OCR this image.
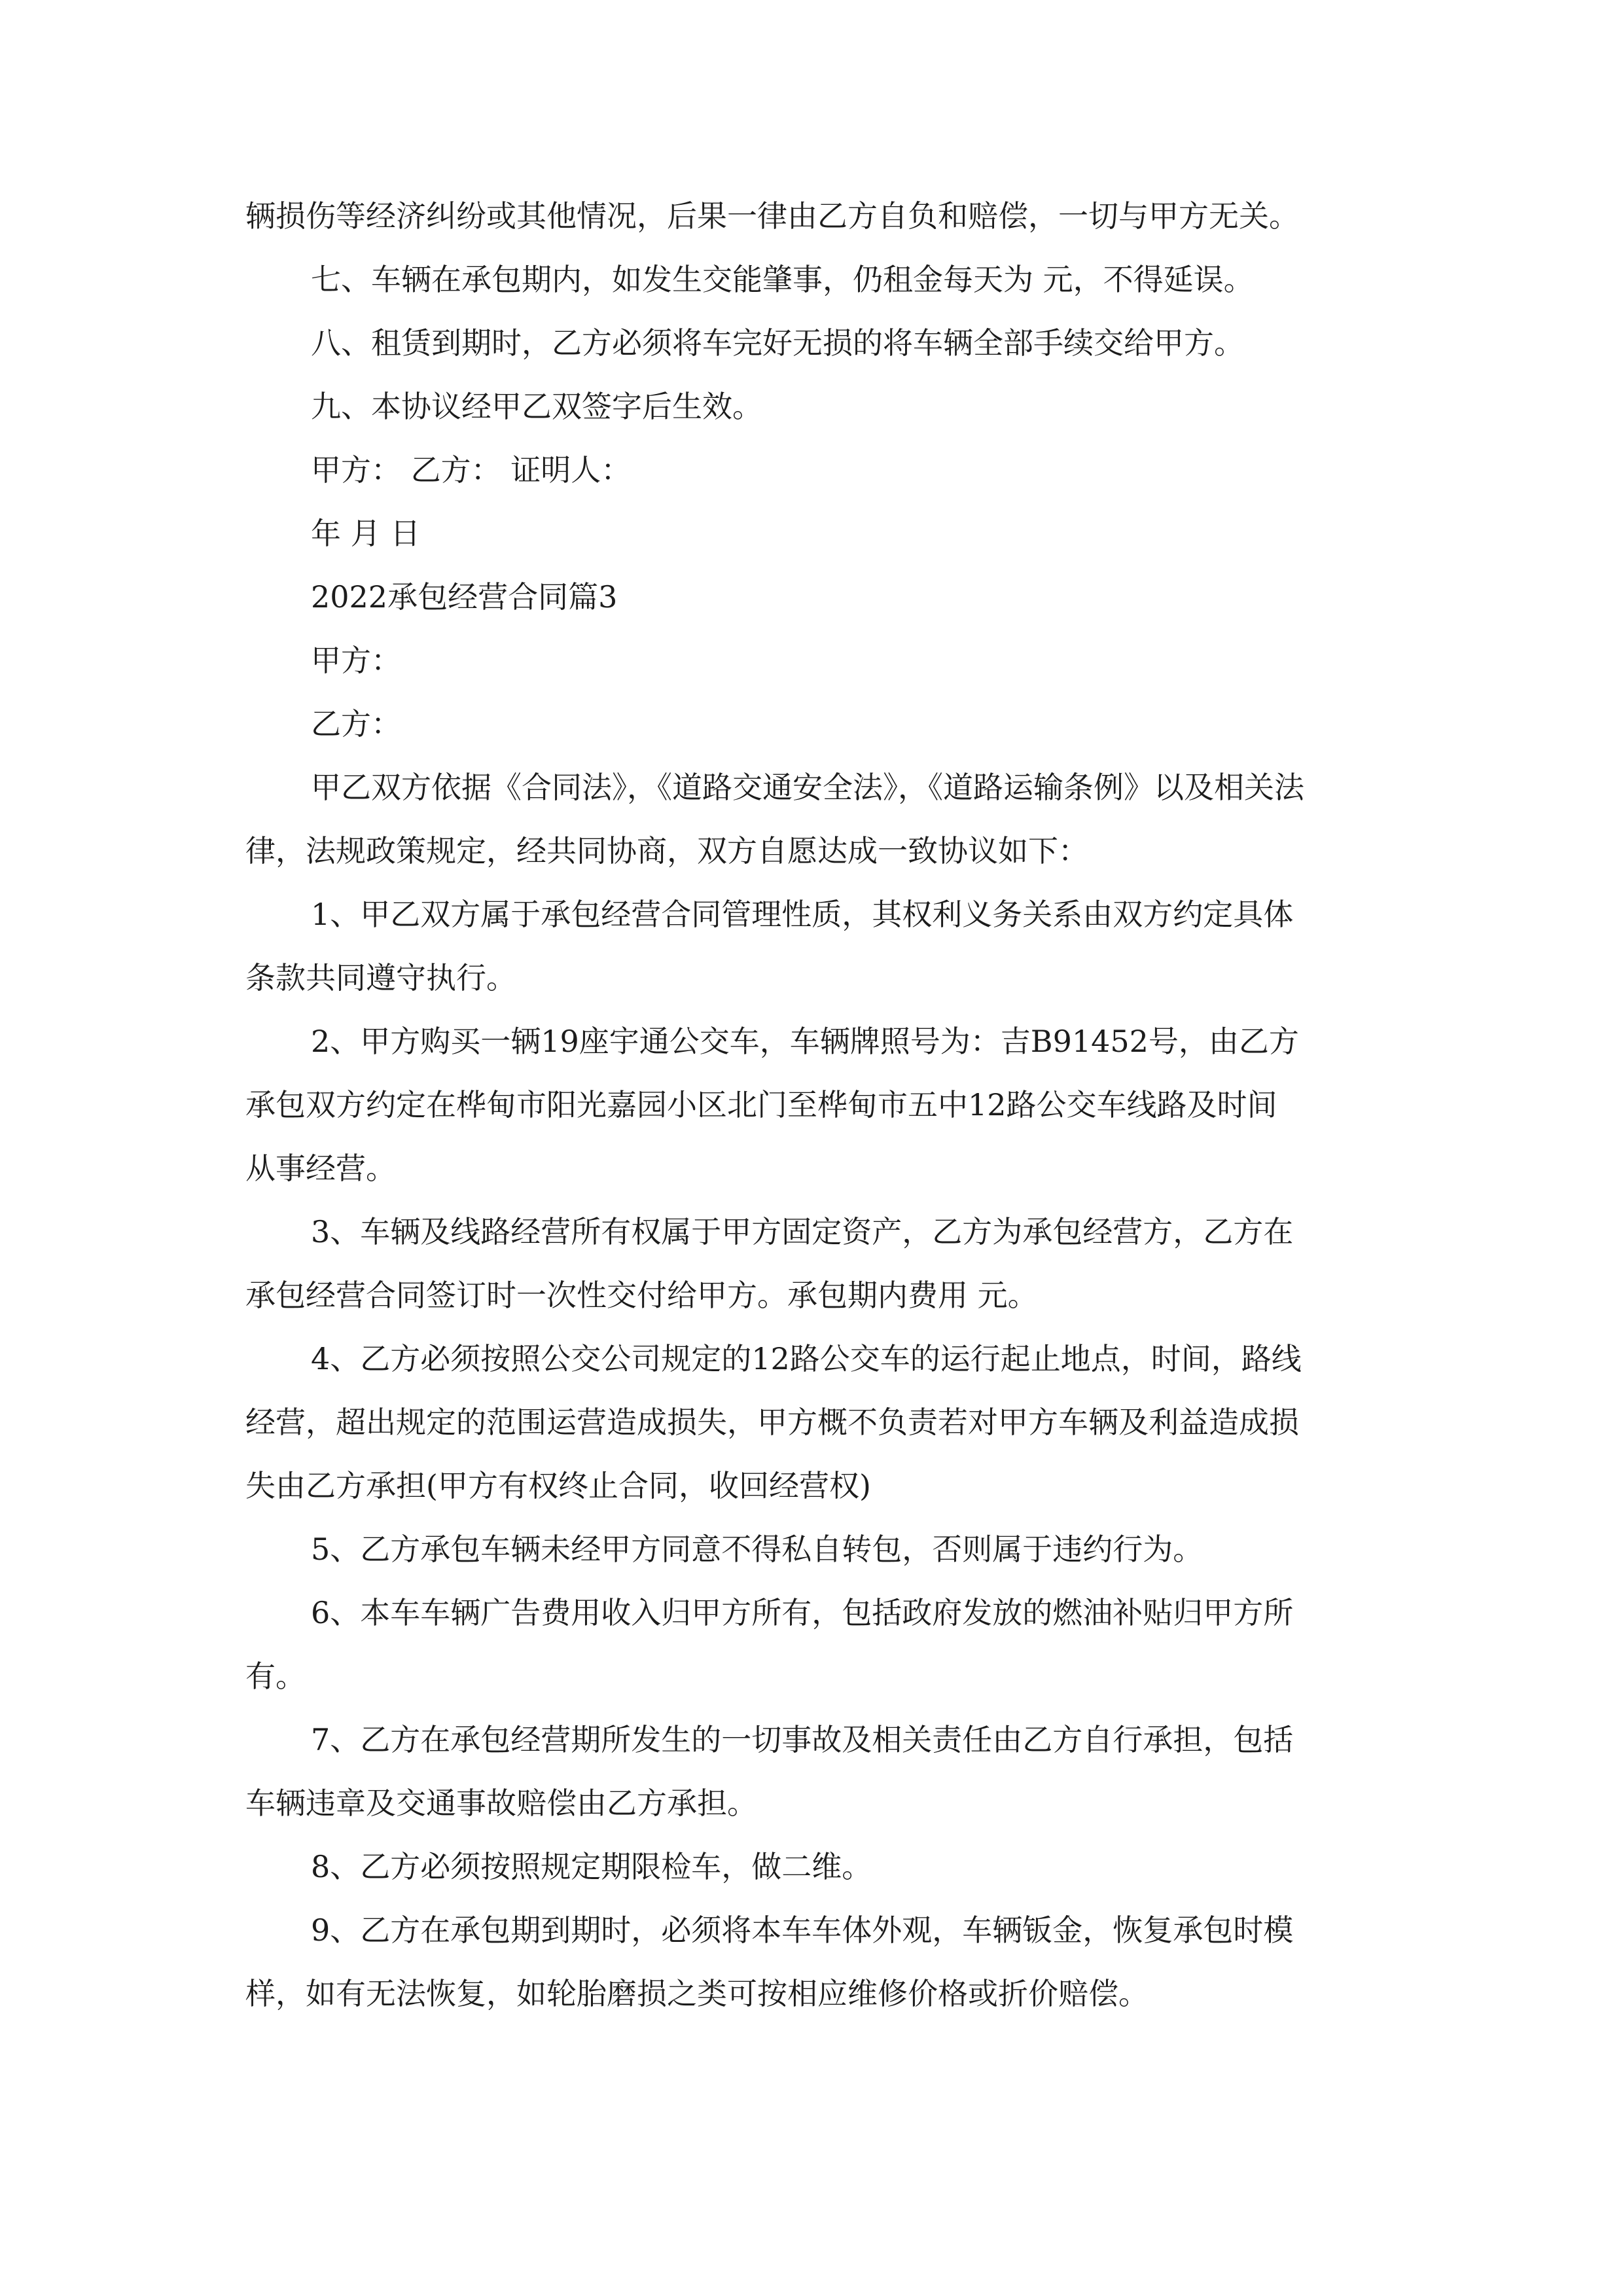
辆损伤等经济纠纷或其他情况，后果一律由乙方自负和赔偿，一切与甲方无关。
七、车辆在承包期内，如发生交能肇事，仍租金每天为 元，不得延误。
八、租赁到期时，乙方必须将车完好无损的将车辆全部手续交给甲方。
九、本协议经甲乙双签字后生效。
甲方： 乙方： 证明人：
年 月 日
2022承包经营合同篇3
甲方：
乙方：
甲乙双方依据《合同法》，《道路交通安全法》，《道路运输条例》以及相关法
律，法规政策规定，经共同协商，双方自愿达成一致协议如下：
1、甲乙双方属于承包经营合同管理性质，其权利义务关系由双方约定具体
条款共同遵守执行。
2、甲方购买一辆19座宇通公交车，车辆牌照号为：吉B91452号，由乙方
承包双方约定在桦甸市阳光嘉园小区北门至桦甸市五中12路公交车线路及时间
从事经营。
3、车辆及线路经营所有权属于甲方固定资产，乙方为承包经营方，乙方在
承包经营合同签订时一次性交付给甲方。承包期内费用 元。
4、乙方必须按照公交公司规定的12路公交车的运行起止地点，时间，路线
经营，超出规定的范围运营造成损失，甲方概不负责若对甲方车辆及利益造成损
失由乙方承担(甲方有权终止合同，收回经营权)
5、乙方承包车辆未经甲方同意不得私自转包，否则属于违约行为。
6、本车车辆广告费用收入归甲方所有，包括政府发放的燃油补贴归甲方所
有。
7、乙方在承包经营期所发生的一切事故及相关责任由乙方自行承担，包括
车辆违章及交通事故赔偿由乙方承担。
8、乙方必须按照规定期限检车，做二维。
9、乙方在承包期到期时，必须将本车车体外观，车辆钣金，恢复承包时模
样，如有无法恢复，如轮胎磨损之类可按相应维修价格或折价赔偿。
